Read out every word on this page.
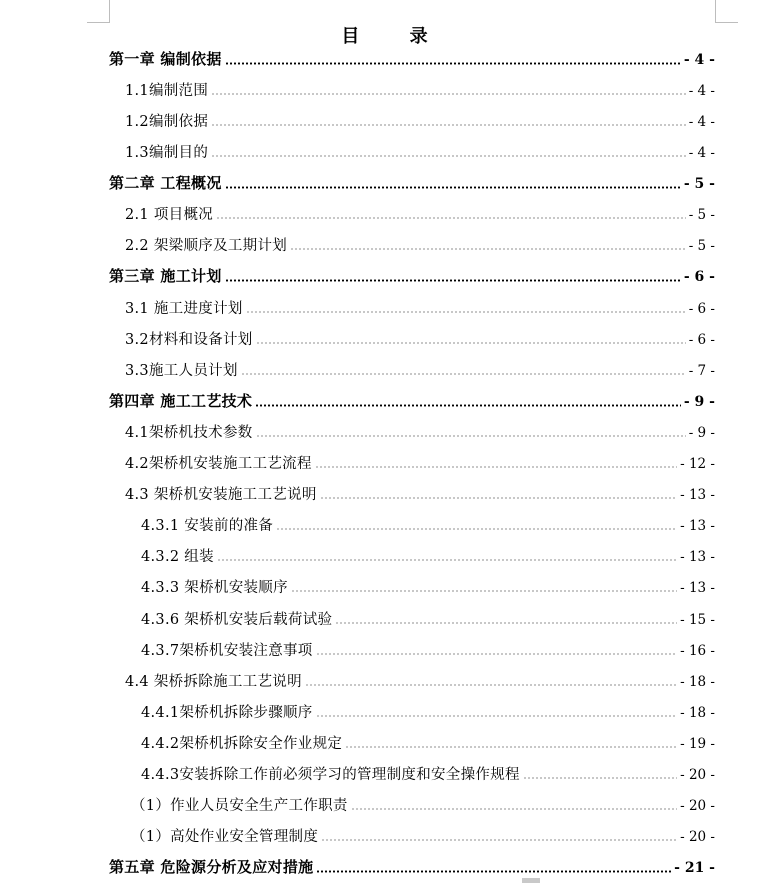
目 录
第一章 编制依据	- 4 -
1.1编制范围	- 4 -
1.2编制依据	- 4 -
1.3编制目的	- 4 -
第二章 工程概况	- 5 -
2.1 项目概况	- 5 -
2.2 架梁顺序及工期计划	- 5 -
第三章 施工计划	- 6 -
3.1 施工进度计划	- 6 -
3.2材料和设备计划	- 6 -
3.3施工人员计划	- 7 -
第四章 施工工艺技术	- 9 -
4.1架桥机技术参数	- 9 -
4.2架桥机安装施工工艺流程	- 12 -
4.3 架桥机安装施工工艺说明	- 13 -
4.3.1 安装前的准备	- 13 -
4.3.2 组装	- 13 -
4.3.3 架桥机安装顺序	- 13 -
4.3.6 架桥机安装后载荷试验	- 15 -
4.3.7架桥机安装注意事项	- 16 -
4.4 架桥拆除施工工艺说明	- 18 -
4.4.1架桥机拆除步骤顺序	- 18 -
4.4.2架桥机拆除安全作业规定	- 19 -
4.4.3安装拆除工作前必须学习的管理制度和安全操作规程	- 20 -
（1）作业人员安全生产工作职责	- 20 -
（1）高处作业安全管理制度	- 20 -
第五章 危险源分析及应对措施	- 21 -
